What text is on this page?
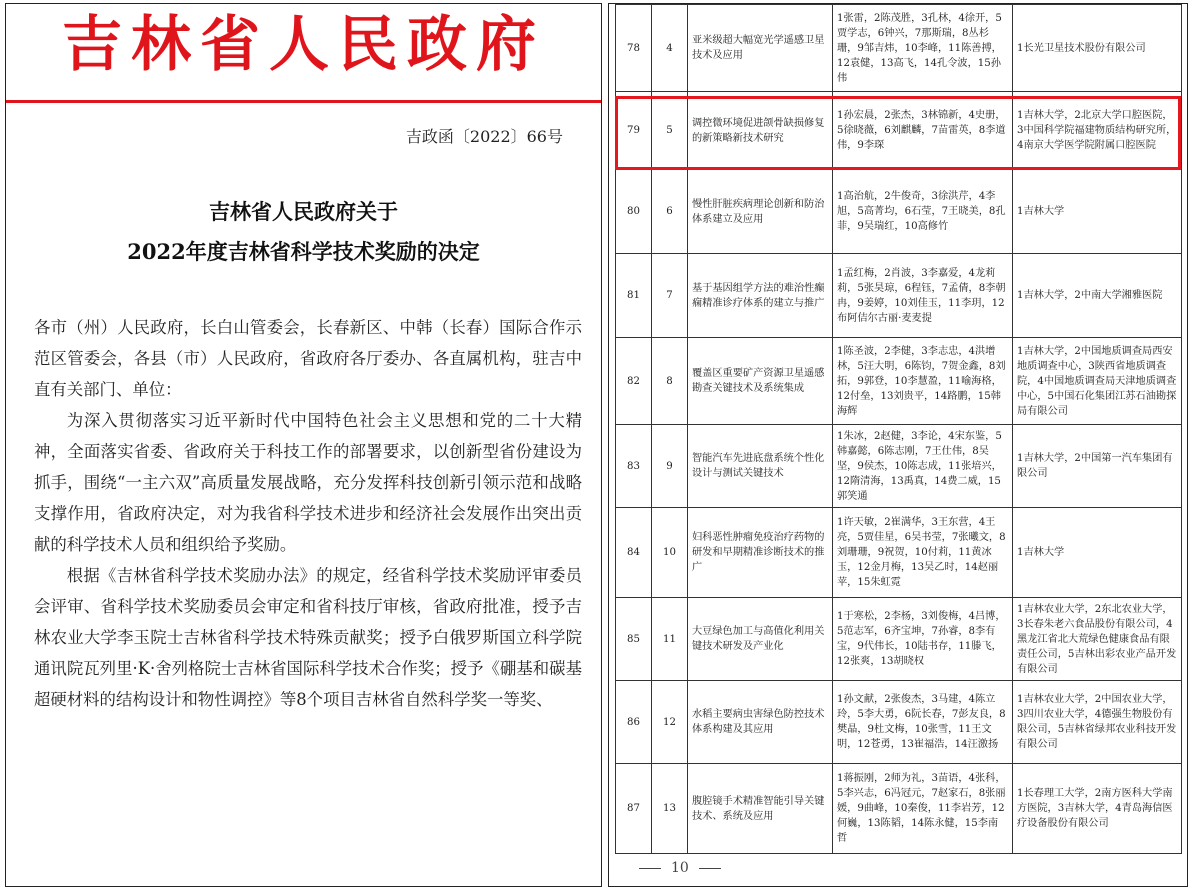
吉林省人民政府
吉政函〔2022〕66号
吉林省人民政府关于
2022年度吉林省科学技术奖励的决定

各市（州）人民政府，长白山管委会，长春新区、中韩（长春）国际合作示范区管委会，各县（市）人民政府，省政府各厅委办、各直属机构，驻吉中直有关部门、单位：

为深入贯彻落实习近平新时代中国特色社会主义思想和党的二十大精神，全面落实省委、省政府关于科技工作的部署要求，以创新型省份建设为抓手，围绕“一主六双”高质量发展战略，充分发挥科技创新引领示范和战略支撑作用，省政府决定，对为我省科学技术进步和经济社会发展作出突出贡献的科学技术人员和组织给予奖励。

根据《吉林省科学技术奖励办法》的规定，经省科学技术奖励评审委员会评审、省科学技术奖励委员会审定和省科技厅审核，省政府批准，授予吉林农业大学李玉院士吉林省科学技术特殊贡献奖；授予白俄罗斯国立科学院通讯院瓦列里·K·舍列格院士吉林省国际科学技术合作奖；授予《硼基和碳基超硬材料的结构设计和物性调控》等8个项目吉林省自然科学奖一等奖、

78	4	亚米级超大幅宽光学遥感卫星技术及应用	1张雷，2陈茂胜，3孔林，4徐开，5贾学志，6钟兴，7那斯瑞，8丛杉珊，9邹吉炜，10李峰，11陈善搏，12袁健，13高飞，14孔令波，15孙伟	1长光卫星技术股份有限公司
79	5	调控微环境促进颌骨缺损修复的新策略新技术研究	1孙宏晨，2张杰，3林锦新，4史册，5徐晓薇，6刘麒麟，7苗雷英，8李道伟，9李琛	1吉林大学，2北京大学口腔医院，3中国科学院福建物质结构研究所，4南京大学医学院附属口腔医院
80	6	慢性肝脏疾病理论创新和防治体系建立及应用	1高治航，2牛俊奇，3徐洪芹，4李旭，5高菁均，6石莹，7王晓美，8孔菲，9吴瑞红，10高修竹	1吉林大学
81	7	基于基因组学方法的难治性癫痫精准诊疗体系的建立与推广	1孟红梅，2肖波，3李嘉爱，4龙莉莉，5张昊琼，6程钰，7孟倩，8李朝冉，9姜婷，10刘佳玉，11李玥，12布阿佶尔古丽·麦麦提	1吉林大学，2中南大学湘雅医院
82	8	覆盖区重要矿产资源卫星遥感勘查关键技术及系统集成	1陈圣波，2李健，3李志忠，4洪增林，5汪大明，6陈钧，7贺金鑫，8刘拓，9郭登，10李慧盈，11喻海格，12付垒，13刘贵平，14路鹏，15韩海辉	1吉林大学，2中国地质调查局西安地质调查中心，3陕西省地质调查院，4中国地质调查局天津地质调查中心，5中国石化集团江苏石油勘探局有限公司
83	9	智能汽车先进底盘系统个性化设计与测试关键技术	1朱冰，2赵健，3李论，4宋东鉴，5韩嘉懿，6陈志刚，7王仕伟，8吴坚，9侯杰，10陈志成，11张培兴，12隋清海，13禹真，14费二威，15郭笑通	1吉林大学，2中国第一汽车集团有限公司
84	10	妇科恶性肿瘤免疫治疗药物的研发和早期精准诊断技术的推广	1许天敏，2崔满华，3王东营，4王亮，5贾佳星，6吴书莹，7张曦文，8刘珊珊，9祝贺，10付莉，11黄冰玉，12金月梅，13吴乙时，14赵丽苹，15朱虹霓	1吉林大学
85	11	大豆绿色加工与高值化利用关键技术研发及产业化	1于寒松，2李杨，3刘俊梅，4吕博，5范志军，6齐宝坤，7孙睿，8李有宝，9代伟长，10陆书存，11滕飞，12张爽，13胡晓权	1吉林农业大学，2东北农业大学，3长春朱老六食品股份有限公司，4黑龙江省北大荒绿色健康食品有限责任公司，5吉林出彩农业产品开发有限公司
86	12	水稻主要病虫害绿色防控技术体系构建及其应用	1孙文献，2张俊杰，3马建，4陈立玲，5李大勇，6阮长春，7彭友良，8樊晶，9杜文梅，10张雪，11王文明，12苍勇，13崔福浩，14汪激扬	1吉林农业大学，2中国农业大学，3四川农业大学，4德强生物股份有限公司，5吉林省绿邦农业科技开发有限公司
87	13	腹腔镜手术精准智能引导关键技术、系统及应用	1蒋振刚，2师为礼，3苗语，4张科，5李兴志，6冯冠元，7赵家石，8张丽媛，9曲峰，10秦俊，11李岩芳，12何巍，13陈韬，14陈永健，15李南哲	1长春理工大学，2南方医科大学南方医院，3吉林大学，4青岛海信医疗设备股份有限公司
10
